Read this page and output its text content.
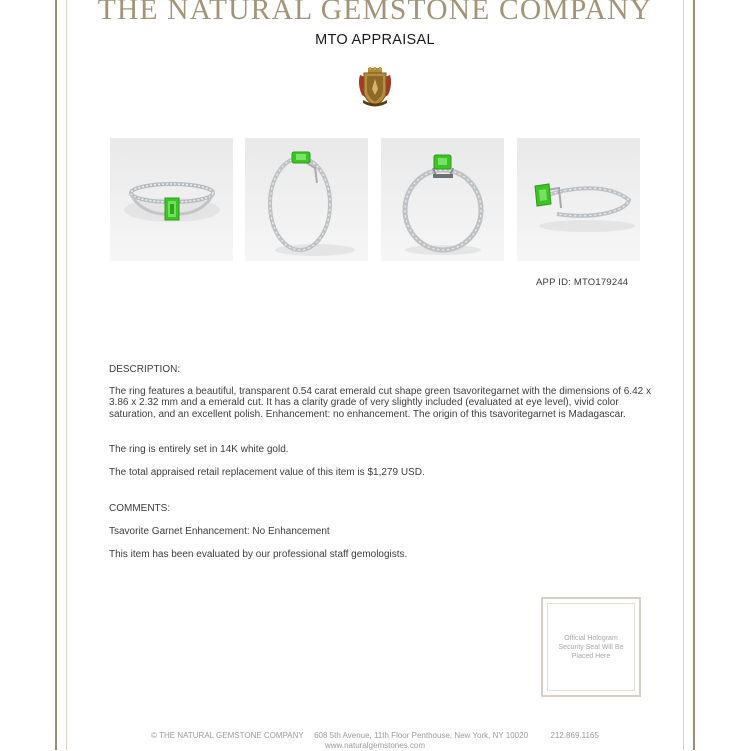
THE NATURAL GEMSTONE COMPANY
MTO APPRAISAL
APP ID: MTO179244
DESCRIPTION:
The ring features a beautiful, transparent 0.54 carat emerald cut shape green tsavoritegarnet with the dimensions of 6.42 x 3.86 x 2.32 mm and a emerald cut. It has a clarity grade of very slightly included (evaluated at eye level), vivid color saturation, and an excellent polish. Enhancement: no enhancement. The origin of this tsavoritegarnet is Madagascar.
The ring is entirely set in 14K white gold.
The total appraised retail replacement value of this item is $1,279 USD.
COMMENTS:
Tsavorite Garnet Enhancement: No Enhancement
This item has been evaluated by our professional staff gemologists.
Official Hologram Security Seal Will Be Placed Here
© THE NATURAL GEMSTONE COMPANY 608 5th Avenue, 11th Floor Penthouse, New York, NY 10020	212.869.1165
www.naturalgemstones.com
